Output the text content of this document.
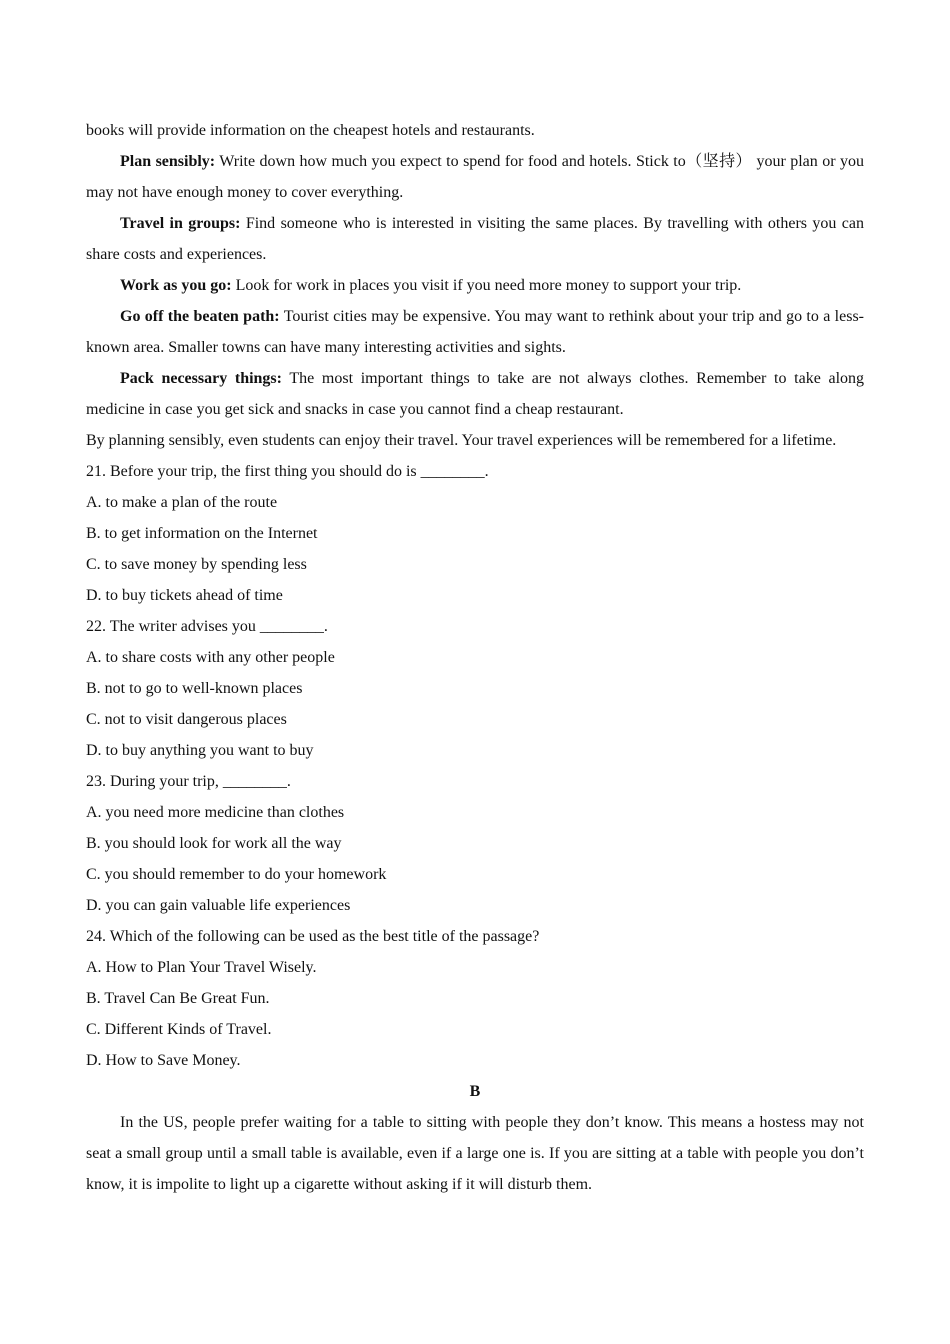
books will provide information on the cheapest hotels and restaurants.

Plan sensibly: Write down how much you expect to spend for food and hotels. Stick to（坚持） your plan or you may not have enough money to cover everything.

Travel in groups: Find someone who is interested in visiting the same places. By travelling with others you can share costs and experiences.

Work as you go: Look for work in places you visit if you need more money to support your trip.

Go off the beaten path: Tourist cities may be expensive. You may want to rethink about your trip and go to a less-known area. Smaller towns can have many interesting activities and sights.

Pack necessary things: The most important things to take are not always clothes. Remember to take along medicine in case you get sick and snacks in case you cannot find a cheap restaurant.

By planning sensibly, even students can enjoy their travel. Your travel experiences will be remembered for a lifetime.

21. Before your trip, the first thing you should do is ________.

A. to make a plan of the route

B. to get information on the Internet

C. to save money by spending less

D. to buy tickets ahead of time

22. The writer advises you ________.

A. to share costs with any other people

B. not to go to well-known places

C. not to visit dangerous places

D. to buy anything you want to buy

23. During your trip, ________.

A. you need more medicine than clothes

B. you should look for work all the way

C. you should remember to do your homework

D. you can gain valuable life experiences

24. Which of the following can be used as the best title of the passage?

A. How to Plan Your Travel Wisely.

B. Travel Can Be Great Fun.

C. Different Kinds of Travel.

D. How to Save Money.

B

In the US, people prefer waiting for a table to sitting with people they don’t know. This means a hostess may not seat a small group until a small table is available, even if a large one is. If you are sitting at a table with people you don’t know, it is impolite to light up a cigarette without asking if it will disturb them.
